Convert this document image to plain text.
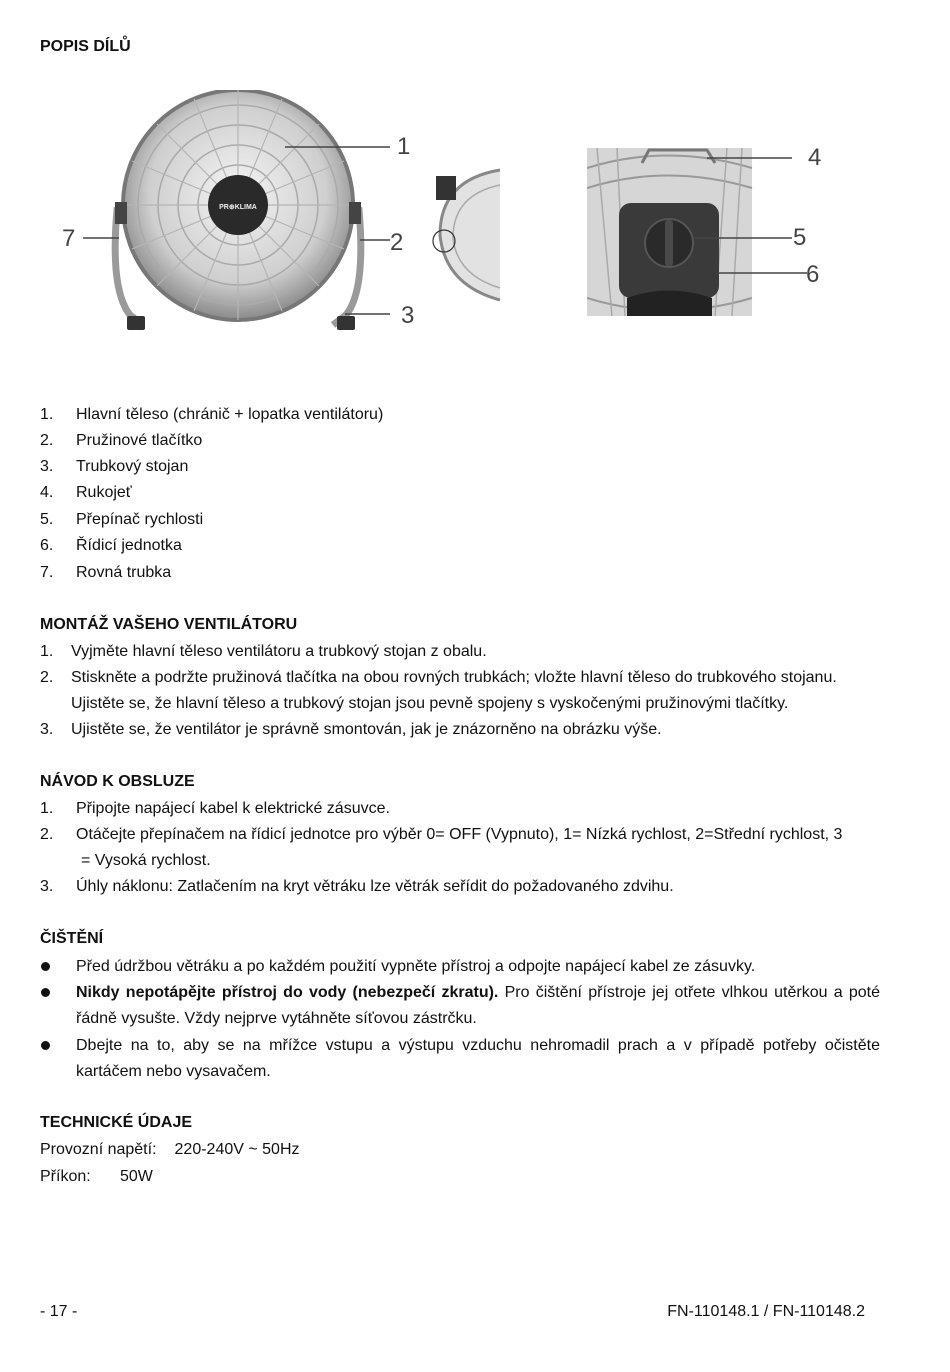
POPIS DÍLŮ
PR⊕KLIMA
1
2
3
7
4
5
6
1. Hlavní těleso (chránič + lopatka ventilátoru)
2. Pružinové tlačítko
3. Trubkový stojan
4. Rukojeť
5. Přepínač rychlosti
6. Řídicí jednotka
7. Rovná trubka
MONTÁŽ VAŠEHO VENTILÁTORU
1. Vyjměte hlavní těleso ventilátoru a trubkový stojan z obalu.
2. Stiskněte a podržte pružinová tlačítka na obou rovných trubkách; vložte hlavní těleso do trubkového stojanu.
Ujistěte se, že hlavní těleso a trubkový stojan jsou pevně spojeny s vyskočenými pružinovými tlačítky.
3. Ujistěte se, že ventilátor je správně smontován, jak je znázorněno na obrázku výše.
NÁVOD K OBSLUZE
1. Připojte napájecí kabel k elektrické zásuvce.
2. Otáčejte přepínačem na řídicí jednotce pro výběr 0= OFF (Vypnuto), 1= Nízká rychlost, 2=Střední rychlost, 3
= Vysoká rychlost.
3. Úhly náklonu: Zatlačením na kryt větráku lze větrák seřídit do požadovaného zdvihu.
ČIŠTĚNÍ
Před údržbou větráku a po každém použití vypněte přístroj a odpojte napájecí kabel ze zásuvky.
Nikdy nepotápějte přístroj do vody (nebezpečí zkratu). Pro čištění přístroje jej otřete vlhkou utěrkou a poté řádně vysušte. Vždy nejprve vytáhněte síťovou zástrčku.
Dbejte na to, aby se na mřížce vstupu a výstupu vzduchu nehromadil prach a v případě potřeby očistěte kartáčem nebo vysavačem.
TECHNICKÉ ÚDAJE
Provozní napětí: 220-240V ~ 50Hz
Příkon: 50W
- 17 -	FN-110148.1 / FN-110148.2
